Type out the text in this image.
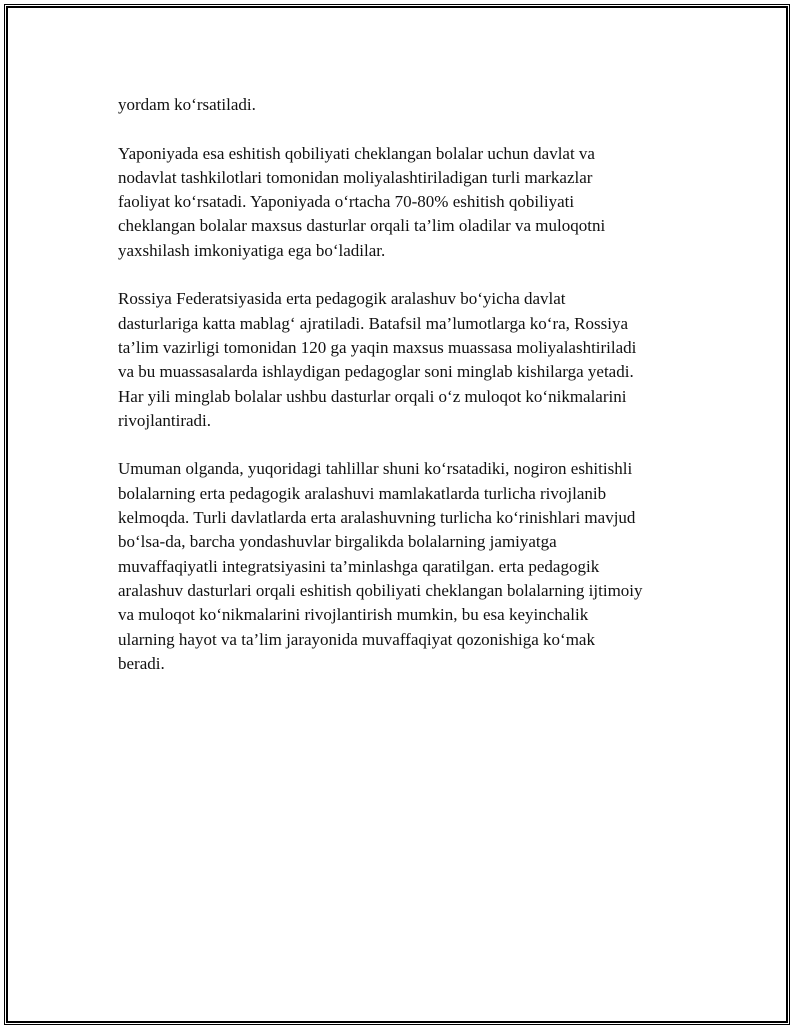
yordam ko‘rsatiladi.

Yaponiyada esa eshitish qobiliyati cheklangan bolalar uchun davlat va
nodavlat tashkilotlari tomonidan moliyalashtiriladigan turli markazlar
faoliyat ko‘rsatadi. Yaponiyada o‘rtacha 70-80% eshitish qobiliyati
cheklangan bolalar maxsus dasturlar orqali ta’lim oladilar va muloqotni
yaxshilash imkoniyatiga ega bo‘ladilar.

Rossiya Federatsiyasida erta pedagogik aralashuv bo‘yicha davlat
dasturlariga katta mablag‘ ajratiladi. Batafsil ma’lumotlarga ko‘ra, Rossiya
ta’lim vazirligi tomonidan 120 ga yaqin maxsus muassasa moliyalashtiriladi
va bu muassasalarda ishlaydigan pedagoglar soni minglab kishilarga yetadi.
Har yili minglab bolalar ushbu dasturlar orqali o‘z muloqot ko‘nikmalarini
rivojlantiradi.

Umuman olganda, yuqoridagi tahlillar shuni ko‘rsatadiki, nogiron eshitishli
bolalarning erta pedagogik aralashuvi mamlakatlarda turlicha rivojlanib
kelmoqda. Turli davlatlarda erta aralashuvning turlicha ko‘rinishlari mavjud
bo‘lsa-da, barcha yondashuvlar birgalikda bolalarning jamiyatga
muvaffaqiyatli integratsiyasini ta’minlashga qaratilgan. erta pedagogik
aralashuv dasturlari orqali eshitish qobiliyati cheklangan bolalarning ijtimoiy
va muloqot ko‘nikmalarini rivojlantirish mumkin, bu esa keyinchalik
ularning hayot va ta’lim jarayonida muvaffaqiyat qozonishiga ko‘mak
beradi.
